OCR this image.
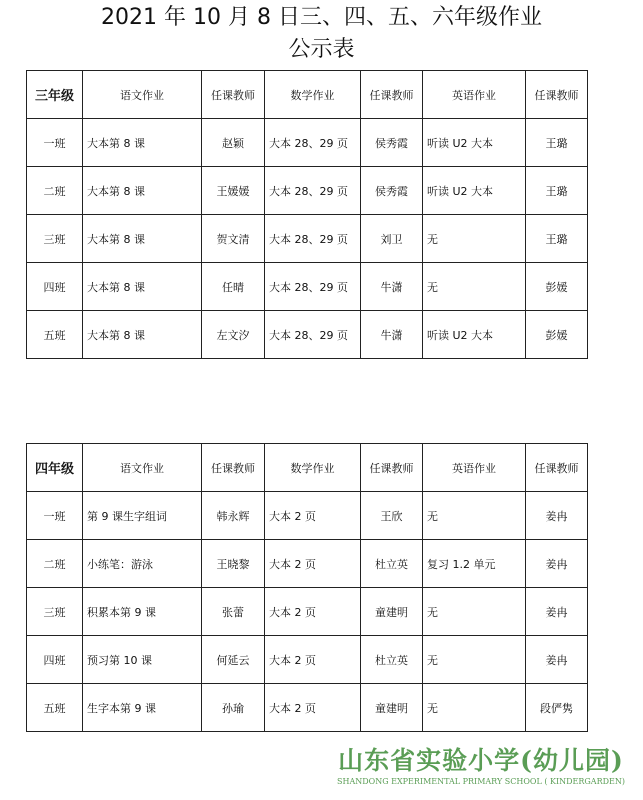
2021 年 10 月 8 日三、四、五、六年级作业
公示表
三年级	语文作业	任课教师	数学作业	任课教师	英语作业	任课教师
一班	大本第 8 课	赵颖	大本 28、29 页	侯秀霞	听读 U2 大本	王璐
二班	大本第 8 课	王媛媛	大本 28、29 页	侯秀霞	听读 U2 大本	王璐
三班	大本第 8 课	贺文清	大本 28、29 页	刘卫	无	王璐
四班	大本第 8 课	任晴	大本 28、29 页	牛潇	无	彭媛
五班	大本第 8 课	左文汐	大本 28、29 页	牛潇	听读 U2 大本	彭媛
四年级	语文作业	任课教师	数学作业	任课教师	英语作业	任课教师
一班	第 9 课生字组词	韩永辉	大本 2 页	王欣	无	姜冉
二班	小练笔：游泳	王晓黎	大本 2 页	杜立英	复习 1.2 单元	姜冉
三班	积累本第 9 课	张蕾	大本 2 页	童建明	无	姜冉
四班	预习第 10 课	何延云	大本 2 页	杜立英	无	姜冉
五班	生字本第 9 课	孙瑜	大本 2 页	童建明	无	段俨隽
山东省实验小学(幼儿园)
SHANDONG EXPERIMENTAL PRIMARY SCHOOL ( KINDERGARDEN)
